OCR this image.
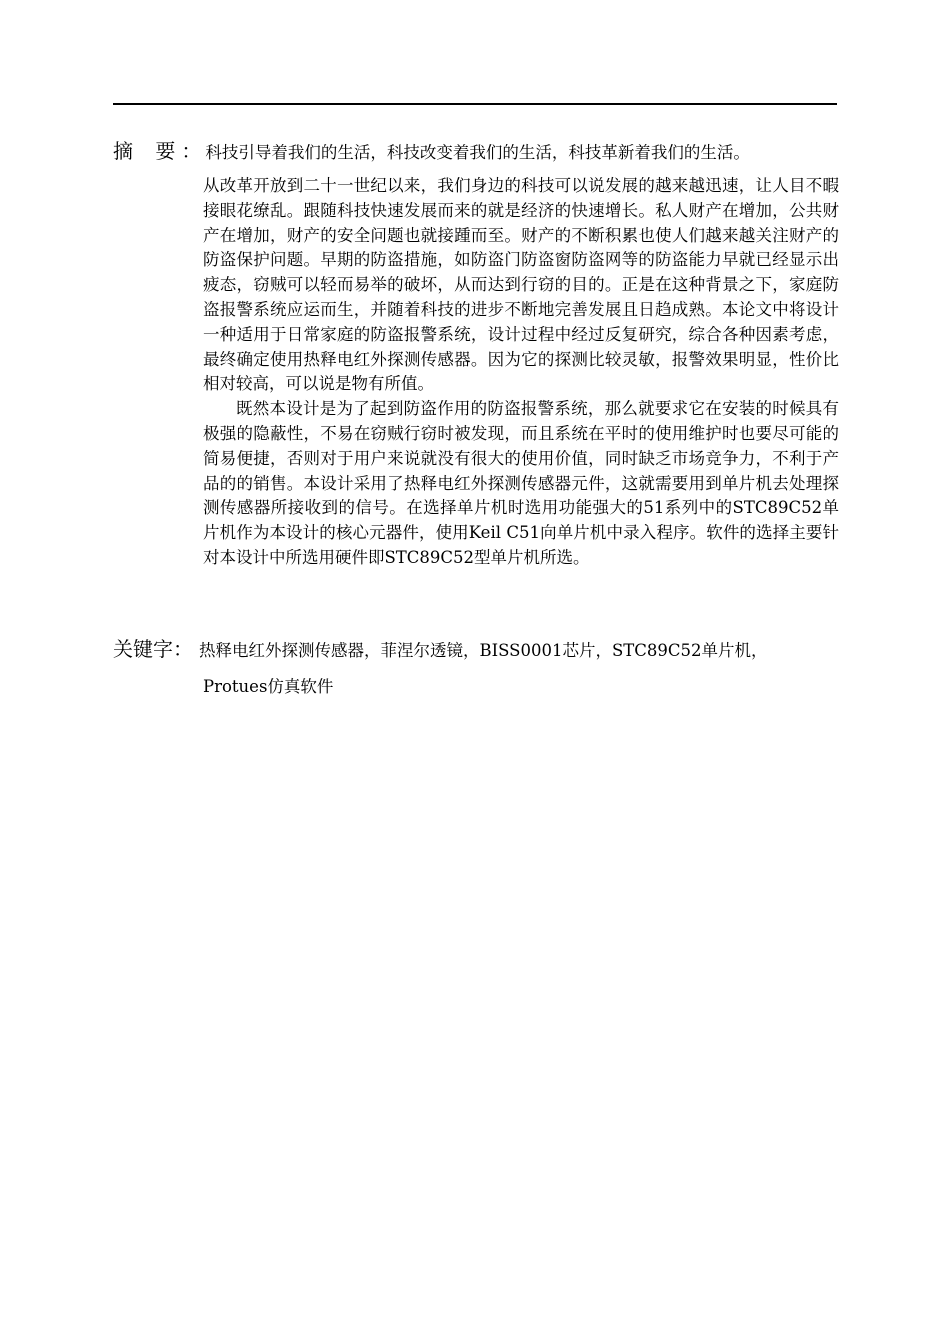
摘 要： 科技引导着我们的生活，科技改变着我们的生活，科技革新着我们的生活。

从改革开放到二十一世纪以来，我们身边的科技可以说发展的越来越迅速，让人目不暇接眼花缭乱。跟随科技快速发展而来的就是经济的快速增长。私人财产在增加，公共财产在增加，财产的安全问题也就接踵而至。财产的不断积累也使人们越来越关注财产的防盗保护问题。早期的防盗措施，如防盗门防盗窗防盗网等的防盗能力早就已经显示出疲态，窃贼可以轻而易举的破坏，从而达到行窃的目的。正是在这种背景之下，家庭防盗报警系统应运而生，并随着科技的进步不断地完善发展且日趋成熟。本论文中将设计一种适用于日常家庭的防盗报警系统，设计过程中经过反复研究，综合各种因素考虑，最终确定使用热释电红外探测传感器。因为它的探测比较灵敏，报警效果明显，性价比相对较高，可以说是物有所值。

既然本设计是为了起到防盗作用的防盗报警系统，那么就要求它在安装的时候具有极强的隐蔽性，不易在窃贼行窃时被发现，而且系统在平时的使用维护时也要尽可能的简易便捷，否则对于用户来说就没有很大的使用价值，同时缺乏市场竞争力，不利于产品的的销售。本设计采用了热释电红外探测传感器元件，这就需要用到单片机去处理探测传感器所接收到的信号。在选择单片机时选用功能强大的51系列中的STC89C52单片机作为本设计的核心元器件，使用Keil C51向单片机中录入程序。软件的选择主要针对本设计中所选用硬件即STC89C52型单片机所选。

关键字： 热释电红外探测传感器，菲涅尔透镜，BISS0001芯片，STC89C52单片机，
Protues仿真软件
